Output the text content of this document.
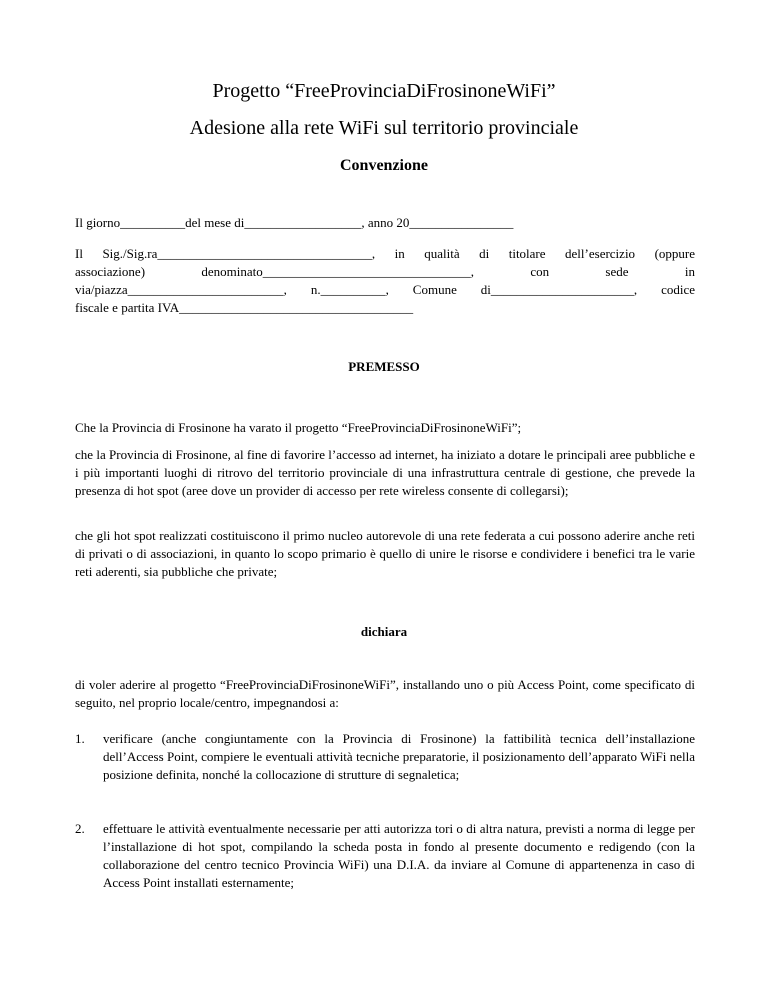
Progetto “FreeProvinciaDiFrosinoneWiFi”
Adesione alla rete WiFi sul territorio provinciale
Convenzione
Il giorno__________del mese di__________________, anno 20________________
Il Sig./Sig.ra_________________________________, in qualità di titolare dell’esercizio (oppure
associazione) denominato________________________________, con sede in
via/piazza________________________, n.__________, Comune di______________________, codice
fiscale e partita IVA____________________________________
PREMESSO
Che la Provincia di Frosinone ha varato il progetto “FreeProvinciaDiFrosinoneWiFi”;
che la Provincia di Frosinone, al fine di favorire l’accesso ad internet, ha iniziato a dotare le principali aree pubbliche e i più importanti luoghi di ritrovo del territorio provinciale di una infrastruttura centrale di gestione, che prevede la presenza di hot spot (aree dove un provider di accesso per rete wireless consente di collegarsi);
che gli hot spot realizzati costituiscono il primo nucleo autorevole di una rete federata a cui possono aderire anche reti di privati o di associazioni, in quanto lo scopo primario è quello di unire le risorse e condividere i benefici tra le varie reti aderenti, sia pubbliche che private;
dichiara
di voler aderire al progetto “FreeProvinciaDiFrosinoneWiFi”, installando uno o più Access Point, come specificato di seguito, nel proprio locale/centro, impegnandosi a:
1. verificare (anche congiuntamente con la Provincia di Frosinone) la fattibilità tecnica dell’installazione dell’Access Point, compiere le eventuali attività tecniche preparatorie, il posizionamento dell’apparato WiFi nella posizione definita, nonché la collocazione di strutture di segnaletica;
2. effettuare le attività eventualmente necessarie per atti autorizza tori o di altra natura, previsti a norma di legge per l’installazione di hot spot, compilando la scheda posta in fondo al presente documento e redigendo (con la collaborazione del centro tecnico Provincia WiFi) una D.I.A. da inviare al Comune di appartenenza in caso di Access Point installati esternamente;
